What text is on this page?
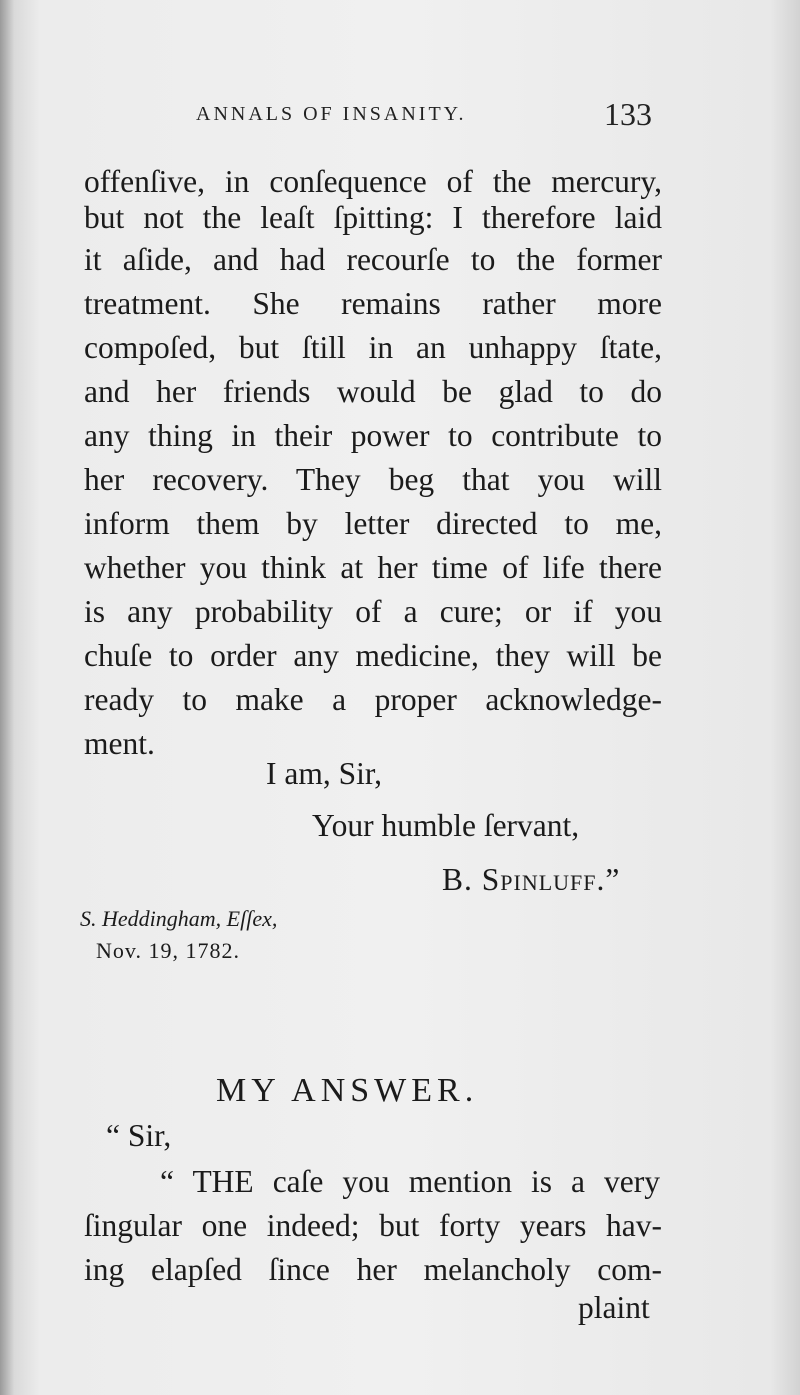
ANNALS OF INSANITY.	133
offenſive, in conſequence of the mercury,
but not the leaſt ſpitting: I therefore laid
it aſide, and had recourſe to the former
treatment. She remains rather more
compoſed, but ſtill in an unhappy ſtate,
and her friends would be glad to do
any thing in their power to contribute to
her recovery. They beg that you will
inform them by letter directed to me,
whether you think at her time of life there
is any probability of a cure; or if you
chuſe to order any medicine, they will be
ready to make a proper acknowledge-
ment.
I am, Sir,
Your humble ſervant,
B. Spinluff.”
S. Heddingham, Eſſex,
Nov. 19, 1782.
MY ANSWER.
“ Sir,
“ THE caſe you mention is a very
ſingular one indeed; but forty years hav-
ing elapſed ſince her melancholy com-
plaint
